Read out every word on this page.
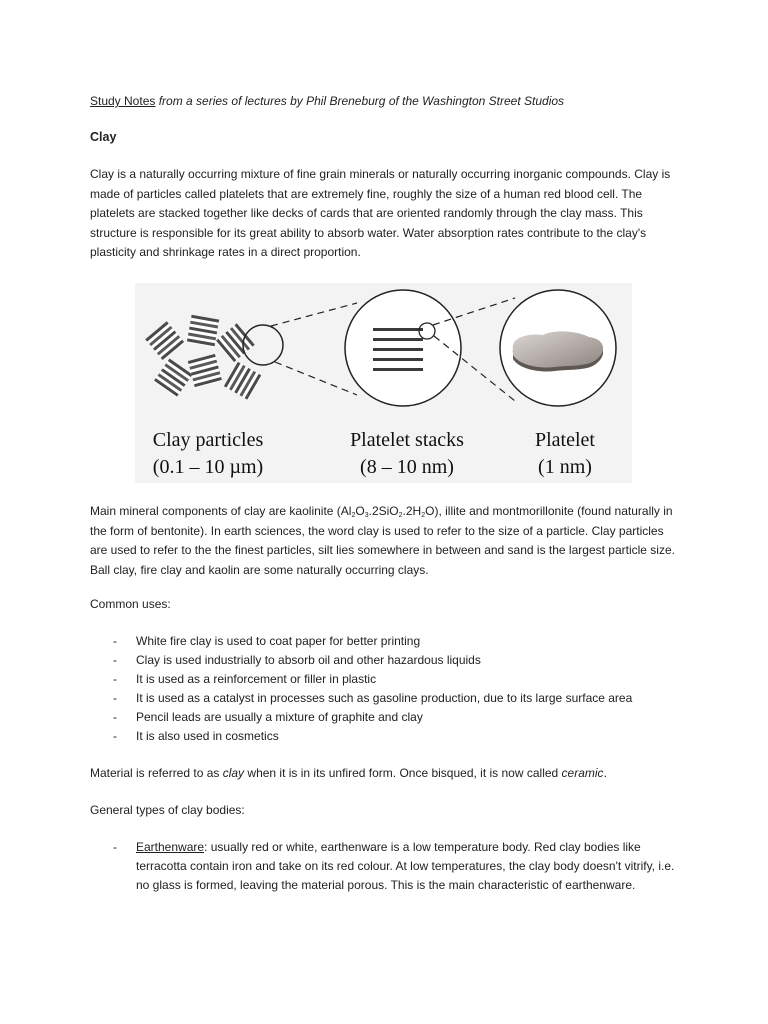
Study Notes from a series of lectures by Phil Breneburg of the Washington Street Studios

Clay

Clay is a naturally occurring mixture of fine grain minerals or naturally occurring inorganic compounds. Clay is made of particles called platelets that are extremely fine, roughly the size of a human red blood cell. The platelets are stacked together like decks of cards that are oriented randomly through the clay mass. This structure is responsible for its great ability to absorb water. Water absorption rates contribute to the clay's plasticity and shrinkage rates in a direct proportion.

Clay particles
(0.1 – 10 µm)
Platelet stacks
(8 – 10 nm)
Platelet
(1 nm)

Main mineral components of clay are kaolinite $(Al_2O_3.2SiO_2.2H_2O)$, illite and montmorillonite (found naturally in the form of bentonite). In earth sciences, the word clay is used to refer to the size of a particle. Clay particles are used to refer to the the finest particles, silt lies somewhere in between and sand is the largest particle size. Ball clay, fire clay and kaolin are some naturally occurring clays.

Common uses:

- White fire clay is used to coat paper for better printing
- Clay is used industrially to absorb oil and other hazardous liquids
- It is used as a reinforcement or filler in plastic
- It is used as a catalyst in processes such as gasoline production, due to its large surface area
- Pencil leads are usually a mixture of graphite and clay
- It is also used in cosmetics

Material is referred to as clay when it is in its unfired form. Once bisqued, it is now called ceramic.

General types of clay bodies:

- Earthenware: usually red or white, earthenware is a low temperature body. Red clay bodies like terracotta contain iron and take on its red colour. At low temperatures, the clay body doesn't vitrify, i.e. no glass is formed, leaving the material porous. This is the main characteristic of earthenware.
